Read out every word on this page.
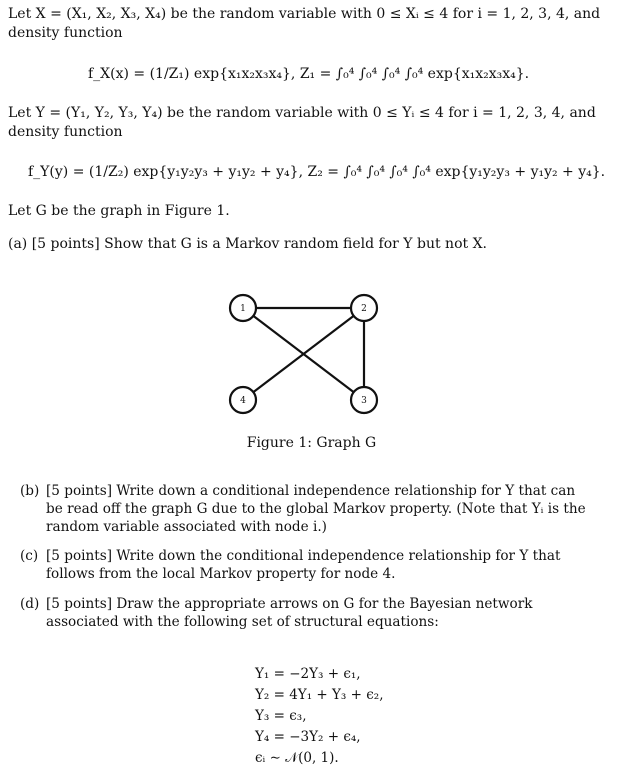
Let X = (X₁, X₂, X₃, X₄) be the random variable with 0 ≤ Xᵢ ≤ 4 for i = 1, 2, 3, 4, and density function
f_X(x) = (1/Z₁) exp{x₁x₂x₃x₄}, Z₁ = ∫₀⁴ ∫₀⁴ ∫₀⁴ ∫₀⁴ exp{x₁x₂x₃x₄}.
Let Y = (Y₁, Y₂, Y₃, Y₄) be the random variable with 0 ≤ Yᵢ ≤ 4 for i = 1, 2, 3, 4, and density function
f_Y(y) = (1/Z₂) exp{y₁y₂y₃ + y₁y₂ + y₄}, Z₂ = ∫₀⁴ ∫₀⁴ ∫₀⁴ ∫₀⁴ exp{y₁y₂y₃ + y₁y₂ + y₄}.
Let G be the graph in Figure 1.
(a) [5 points] Show that G is a Markov random field for Y but not X.
1	2
3
4
Figure 1: Graph G
(b) [5 points] Write down a conditional independence relationship for Y that can be read off the graph G due to the global Markov property. (Note that Yᵢ is the random variable associated with node i.)
(c) [5 points] Write down the conditional independence relationship for Y that follows from the local Markov property for node 4.
(d) [5 points] Draw the appropriate arrows on G for the Bayesian network associated with the following set of structural equations:
Y₁ = −2Y₃ + ϵ₁,
Y₂ = 4Y₁ + Y₃ + ϵ₂,
Y₃ = ϵ₃,
Y₄ = −3Y₂ + ϵ₄,
ϵᵢ ∼ 𝒩(0, 1).
